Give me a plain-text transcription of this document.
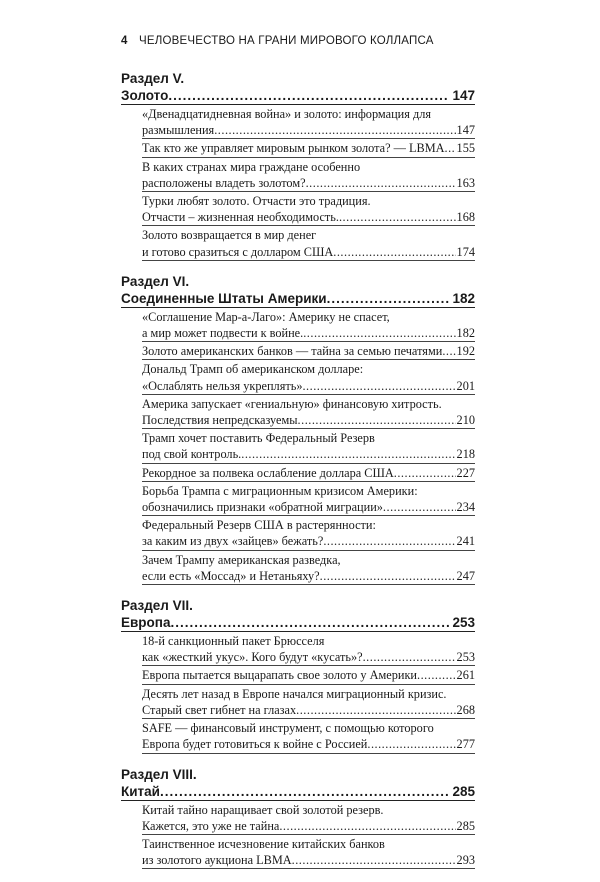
4 ЧЕЛОВЕЧЕСТВО НА ГРАНИ МИРОВОГО КОЛЛАПСА
Раздел V.
Золото .....	147
«Двенадцатидневная война» и золото: информация для
размышления .....	147
Так кто же управляет мировым рынком золота? — LBMA ..... 155
В каких странах мира граждане особенно
расположены владеть золотом? .....	163
Турки любят золото. Отчасти это традиция.
Отчасти – жизненная необходимость. .....	168
Золото возвращается в мир денег
и готово сразиться с долларом США .....	174
Раздел VI.
Соединенные Штаты Америки .....	182
«Соглашение Мар-а-Лаго»: Америку не спасет,
а мир может подвести к войне. .....	182
Золото американских банков — тайна за семью печатями ..... 192
Дональд Трамп об американском долларе:
«Ослаблять нельзя укреплять» .....	201
Америка запускает «гениальную» финансовую хитрость.
Последствия непредсказуемы .....	210
Трамп хочет поставить Федеральный Резерв
под свой контроль. .....	218
Рекордное за полвека ослабление доллара США .....	227
Борьба Трампа с миграционным кризисом Америки:
обозначились признаки «обратной миграции» .....	234
Федеральный Резерв США в растерянности:
за каким из двух «зайцев» бежать? .....	241
Зачем Трампу американская разведка,
если есть «Моссад» и Нетаньяху? .....	247
Раздел VII.
Европа .....	253
18-й санкционный пакет Брюсселя
как «жесткий укус». Кого будут «кусать»? .....	253
Европа пытается выцарапать свое золото у Америки .....	261
Десять лет назад в Европе начался миграционный кризис.
Старый свет гибнет на глазах .....	268
SAFE — финансовый инструмент, с помощью которого
Европа будет готовиться к войне с Россией .....	277
Раздел VIII.
Китай .....	285
Китай тайно наращивает свой золотой резерв.
Кажется, это уже не тайна .....	285
Таинственное исчезновение китайских банков
из золотого аукциона LBMA .....	293
